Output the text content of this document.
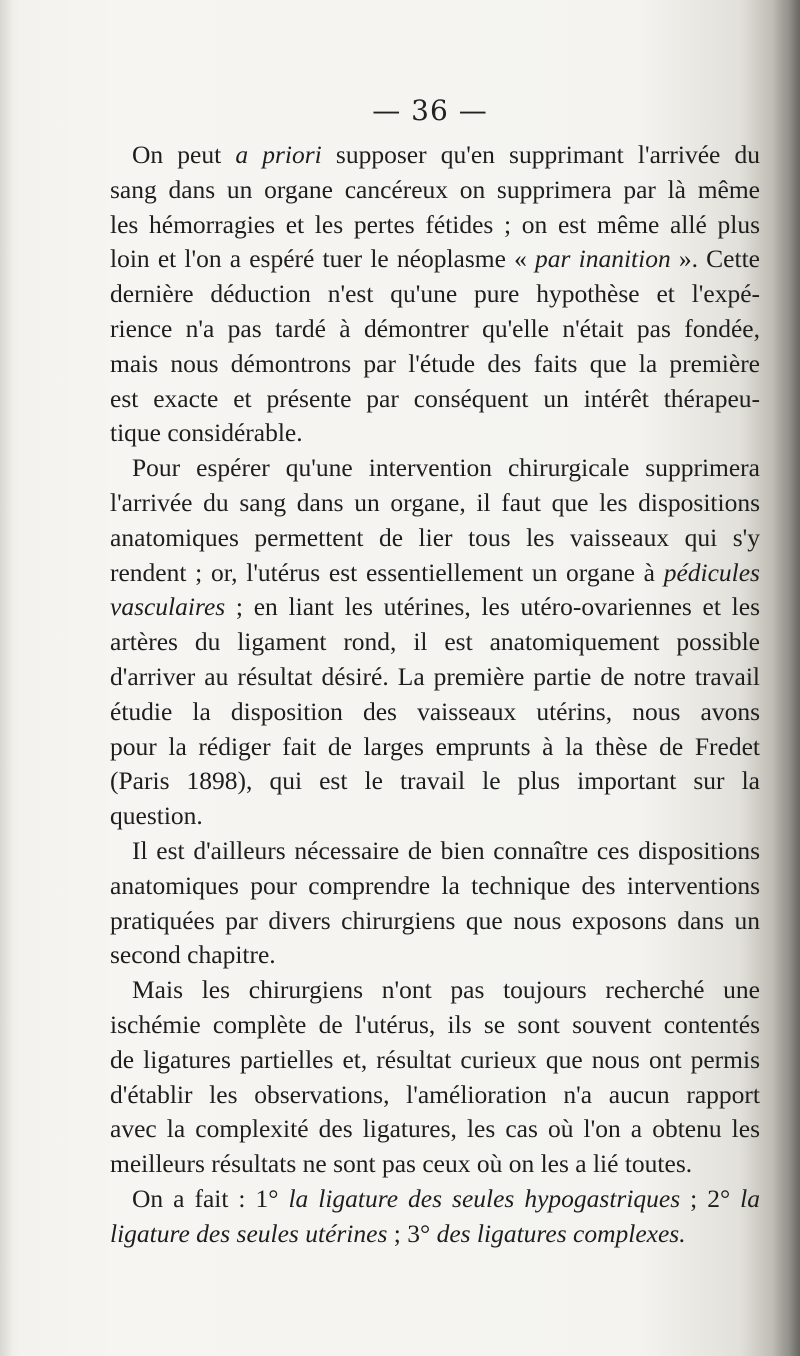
— 36 —
On peut a priori supposer qu'en supprimant l'arrivée du
sang dans un organe cancéreux on supprimera par là même
les hémorragies et les pertes fétides ; on est même allé plus
loin et l'on a espéré tuer le néoplasme « par inanition ». Cette
dernière déduction n'est qu'une pure hypothèse et l'expé-
rience n'a pas tardé à démontrer qu'elle n'était pas fondée,
mais nous démontrons par l'étude des faits que la première
est exacte et présente par conséquent un intérêt thérapeu-
tique considérable.
Pour espérer qu'une intervention chirurgicale supprimera
l'arrivée du sang dans un organe, il faut que les dispositions
anatomiques permettent de lier tous les vaisseaux qui s'y
rendent ; or, l'utérus est essentiellement un organe à pédicules
vasculaires ; en liant les utérines, les utéro-ovariennes et les
artères du ligament rond, il est anatomiquement possible
d'arriver au résultat désiré. La première partie de notre travail
étudie la disposition des vaisseaux utérins, nous avons
pour la rédiger fait de larges emprunts à la thèse de Fredet
(Paris 1898), qui est le travail le plus important sur la
question.
Il est d'ailleurs nécessaire de bien connaître ces dispositions
anatomiques pour comprendre la technique des interventions
pratiquées par divers chirurgiens que nous exposons dans un
second chapitre.
Mais les chirurgiens n'ont pas toujours recherché une
ischémie complète de l'utérus, ils se sont souvent contentés
de ligatures partielles et, résultat curieux que nous ont permis
d'établir les observations, l'amélioration n'a aucun rapport
avec la complexité des ligatures, les cas où l'on a obtenu les
meilleurs résultats ne sont pas ceux où on les a lié toutes.
On a fait : 1° la ligature des seules hypogastriques ; 2° la
ligature des seules utérines ; 3° des ligatures complexes.
